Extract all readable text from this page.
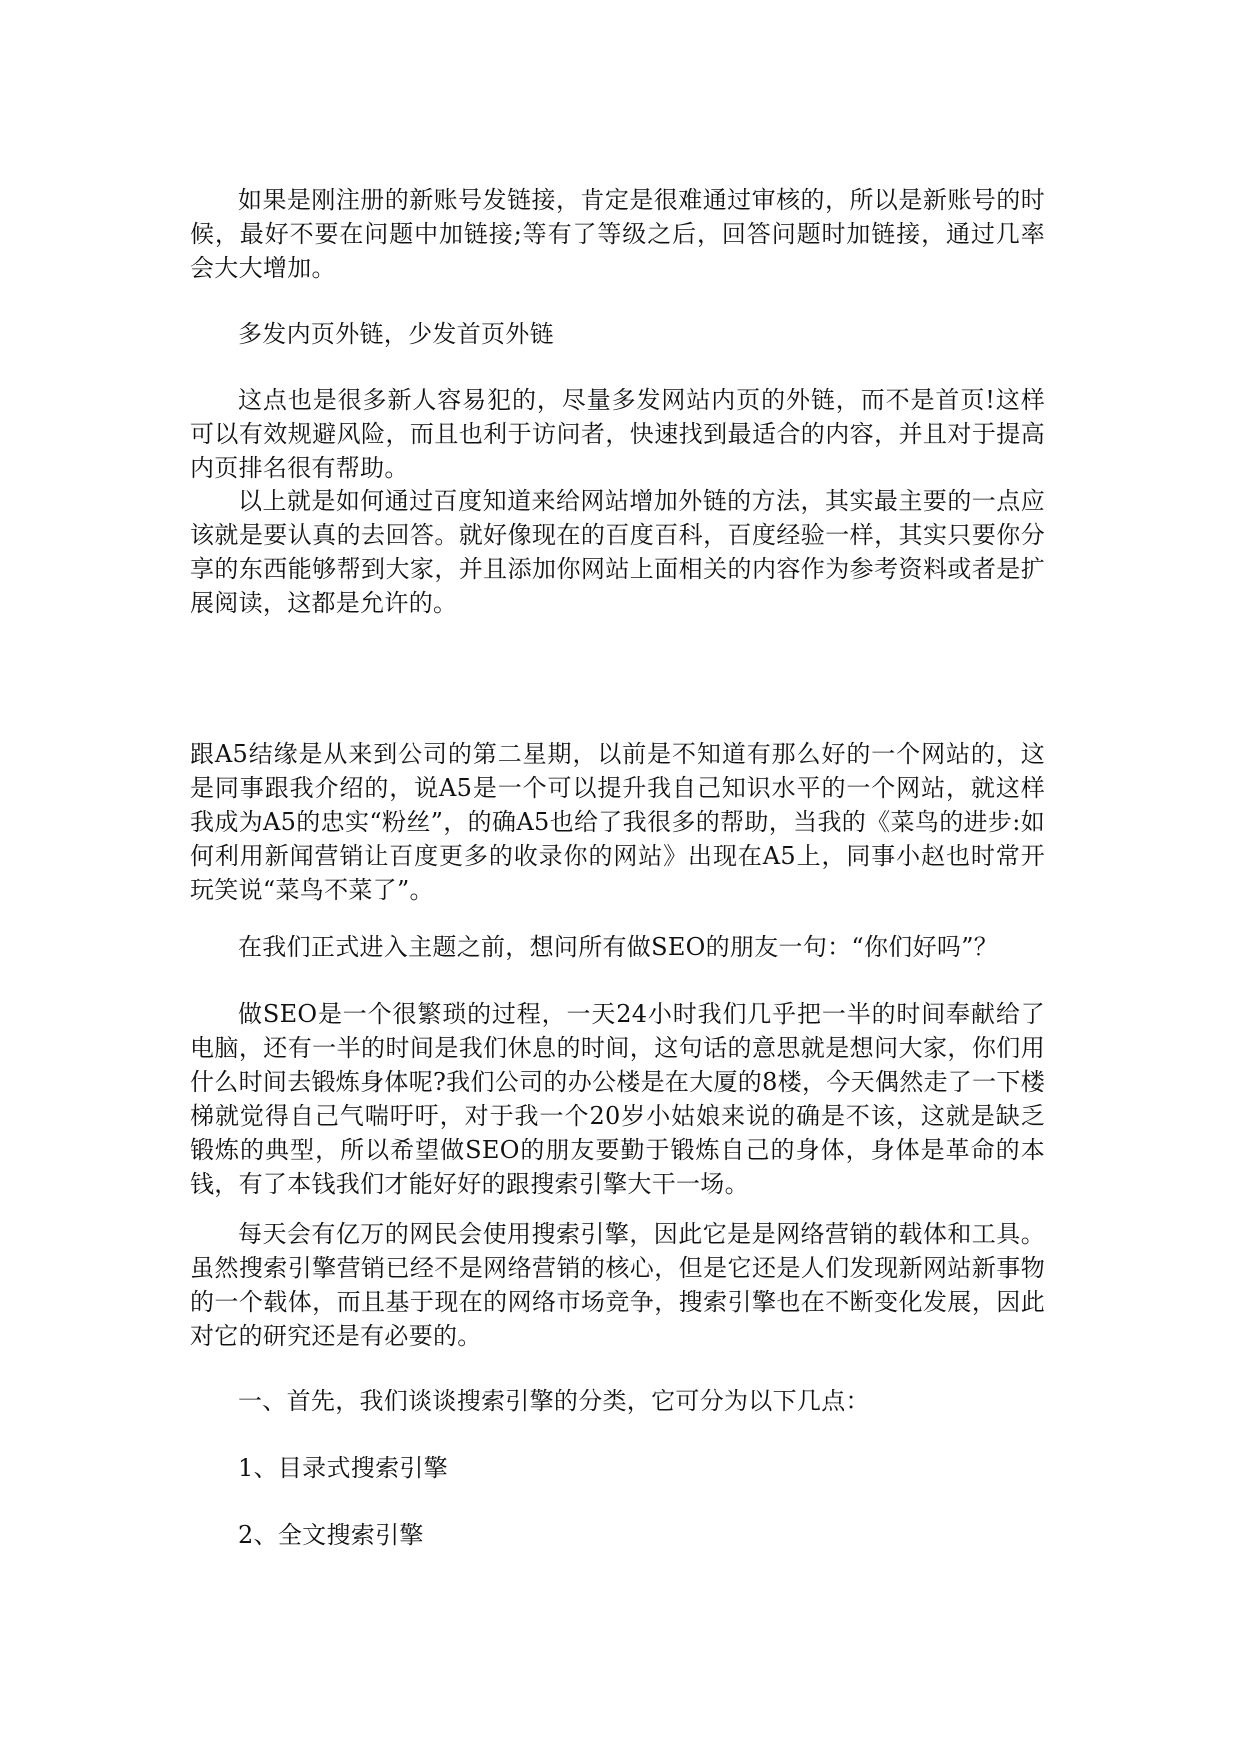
如果是刚注册的新账号发链接，肯定是很难通过审核的，所以是新账号的时候，最好不要在问题中加链接;等有了等级之后，回答问题时加链接，通过几率会大大增加。

多发内页外链，少发首页外链

这点也是很多新人容易犯的，尽量多发网站内页的外链，而不是首页!这样可以有效规避风险，而且也利于访问者，快速找到最适合的内容，并且对于提高内页排名很有帮助。

以上就是如何通过百度知道来给网站增加外链的方法，其实最主要的一点应该就是要认真的去回答。就好像现在的百度百科，百度经验一样，其实只要你分享的东西能够帮到大家，并且添加你网站上面相关的内容作为参考资料或者是扩展阅读，这都是允许的。

跟A5结缘是从来到公司的第二星期，以前是不知道有那么好的一个网站的，这是同事跟我介绍的，说A5是一个可以提升我自己知识水平的一个网站，就这样我成为A5的忠实“粉丝”，的确A5也给了我很多的帮助，当我的《菜鸟的进步:如何利用新闻营销让百度更多的收录你的网站》出现在A5上，同事小赵也时常开玩笑说“菜鸟不菜了”。

在我们正式进入主题之前，想问所有做SEO的朋友一句：“你们好吗”？

做SEO是一个很繁琐的过程，一天24小时我们几乎把一半的时间奉献给了电脑，还有一半的时间是我们休息的时间，这句话的意思就是想问大家，你们用什么时间去锻炼身体呢?我们公司的办公楼是在大厦的8楼，今天偶然走了一下楼梯就觉得自己气喘吁吁，对于我一个20岁小姑娘来说的确是不该，这就是缺乏锻炼的典型，所以希望做SEO的朋友要勤于锻炼自己的身体，身体是革命的本钱，有了本钱我们才能好好的跟搜索引擎大干一场。

每天会有亿万的网民会使用搜索引擎，因此它是是网络营销的载体和工具。虽然搜索引擎营销已经不是网络营销的核心，但是它还是人们发现新网站新事物的一个载体，而且基于现在的网络市场竞争，搜索引擎也在不断变化发展，因此对它的研究还是有必要的。

一、首先，我们谈谈搜索引擎的分类，它可分为以下几点：

1、目录式搜索引擎

2、全文搜索引擎
